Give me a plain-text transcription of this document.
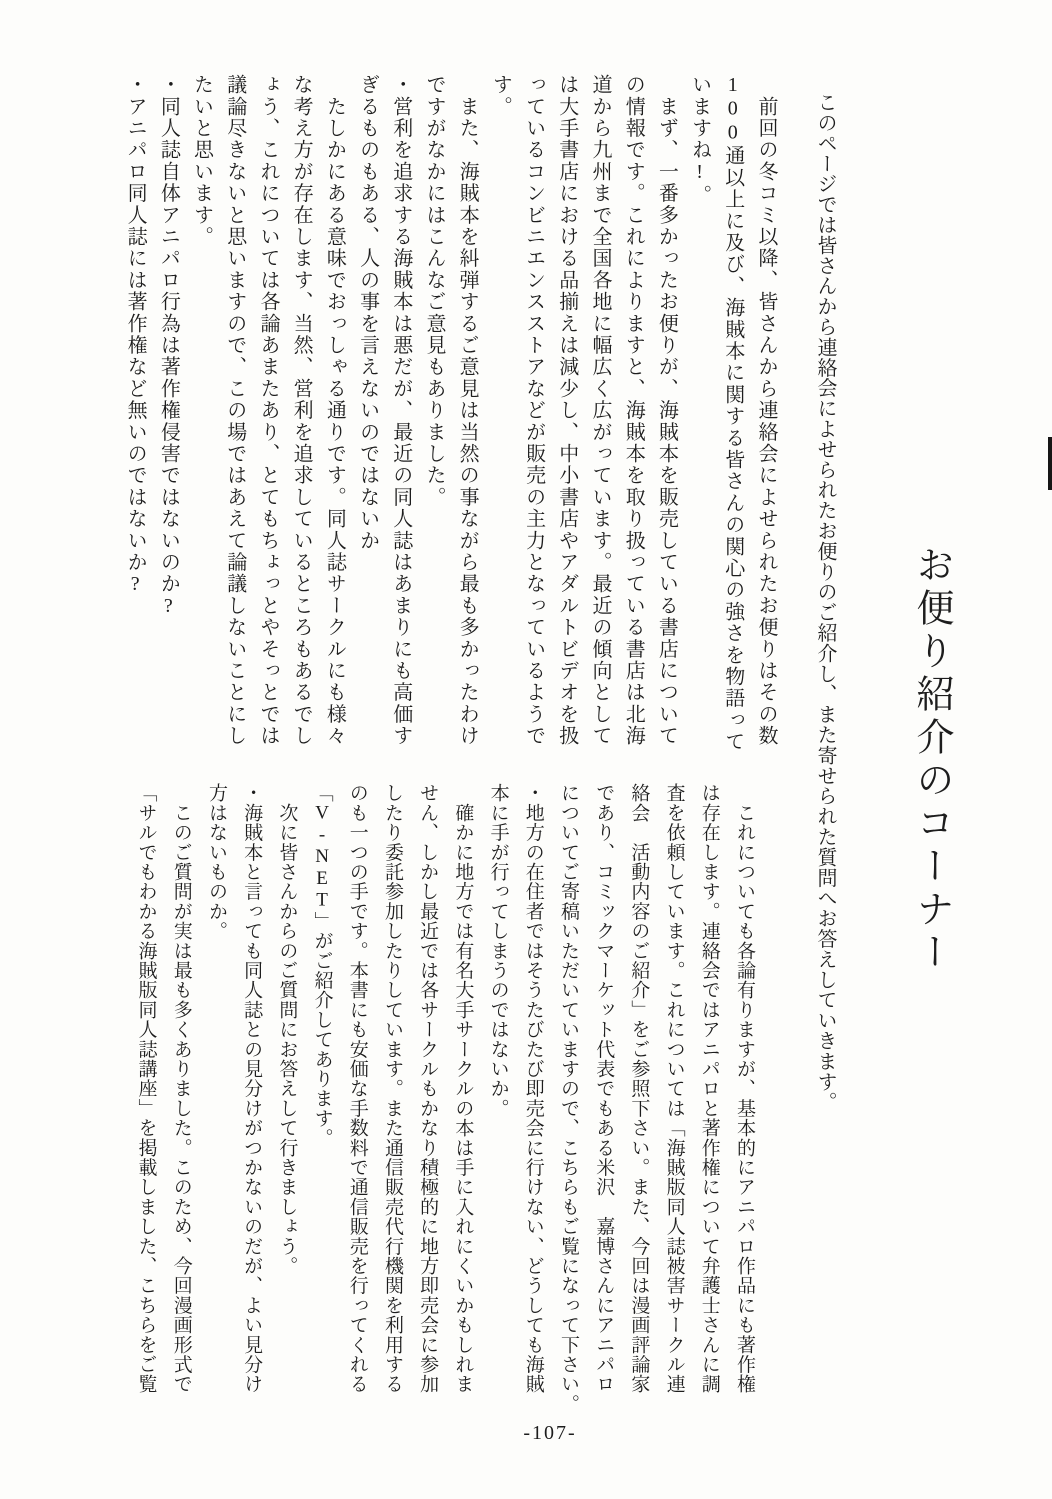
お便り紹介のコーナー

このページでは皆さんから連絡会によせられたお便りのご紹介し、また寄せられた質問へお答えしていきます。

　前回の冬コミ以降、皆さんから連絡会によせられたお便りはその数
100通以上に及び、海賊本に関する皆さんの関心の強さを物語って
いますね!。
　まず、一番多かったお便りが、海賊本を販売している書店について
の情報です。これによりますと、海賊本を取り扱っている書店は北海
道から九州まで全国各地に幅広く広がっています。最近の傾向として
は大手書店における品揃えは減少し、中小書店やアダルトビデオを扱
っているコンビニエンスストアなどが販売の主力となっているようで
す。
　また、海賊本を糾弾するご意見は当然の事ながら最も多かったわけ
ですがなかにはこんなご意見もありました。
・営利を追求する海賊本は悪だが、最近の同人誌はあまりにも高価す
ぎるものもある、人の事を言えないのではないか
　たしかにある意味でおっしゃる通りです。同人誌サークルにも様々
な考え方が存在します、当然、営利を追求しているところもあるでし
ょう、これについては各論あまたあり、とてもちょっとやそっとでは
議論尽きないと思いますので、この場ではあえて論議しないことにし
たいと思います。
・同人誌自体アニパロ行為は著作権侵害ではないのか?
・アニパロ同人誌には著作権など無いのではないか?
　これについても各論有りますが、基本的にアニパロ作品にも著作権
は存在します。連絡会ではアニパロと著作権について弁護士さんに調
査を依頼しています。これについては「海賊版同人誌被害サークル連
絡会　活動内容のご紹介」をご参照下さい。また、今回は漫画評論家
であり、コミックマーケット代表でもある米沢　嘉博さんにアニパロ
についてご寄稿いただいていますので、こちらもご覧になって下さい。
・地方の在住者ではそうたびたび即売会に行けない、どうしても海賊
本に手が行ってしまうのではないか。
　確かに地方では有名大手サークルの本は手に入れにくいかもしれま
せん、しかし最近では各サークルもかなり積極的に地方即売会に参加
したり委託参加したりしています。また通信販売代行機関を利用する
のも一つの手です。本書にも安価な手数料で通信販売を行ってくれる
「V-NET」がご紹介してあります。
　次に皆さんからのご質問にお答えして行きましょう。
・海賊本と言っても同人誌との見分けがつかないのだが、よい見分け
方はないものか。
　このご質問が実は最も多くありました。このため、今回漫画形式で
「サルでもわかる海賊版同人誌講座」を掲載しました、こちらをご覧
-107-
